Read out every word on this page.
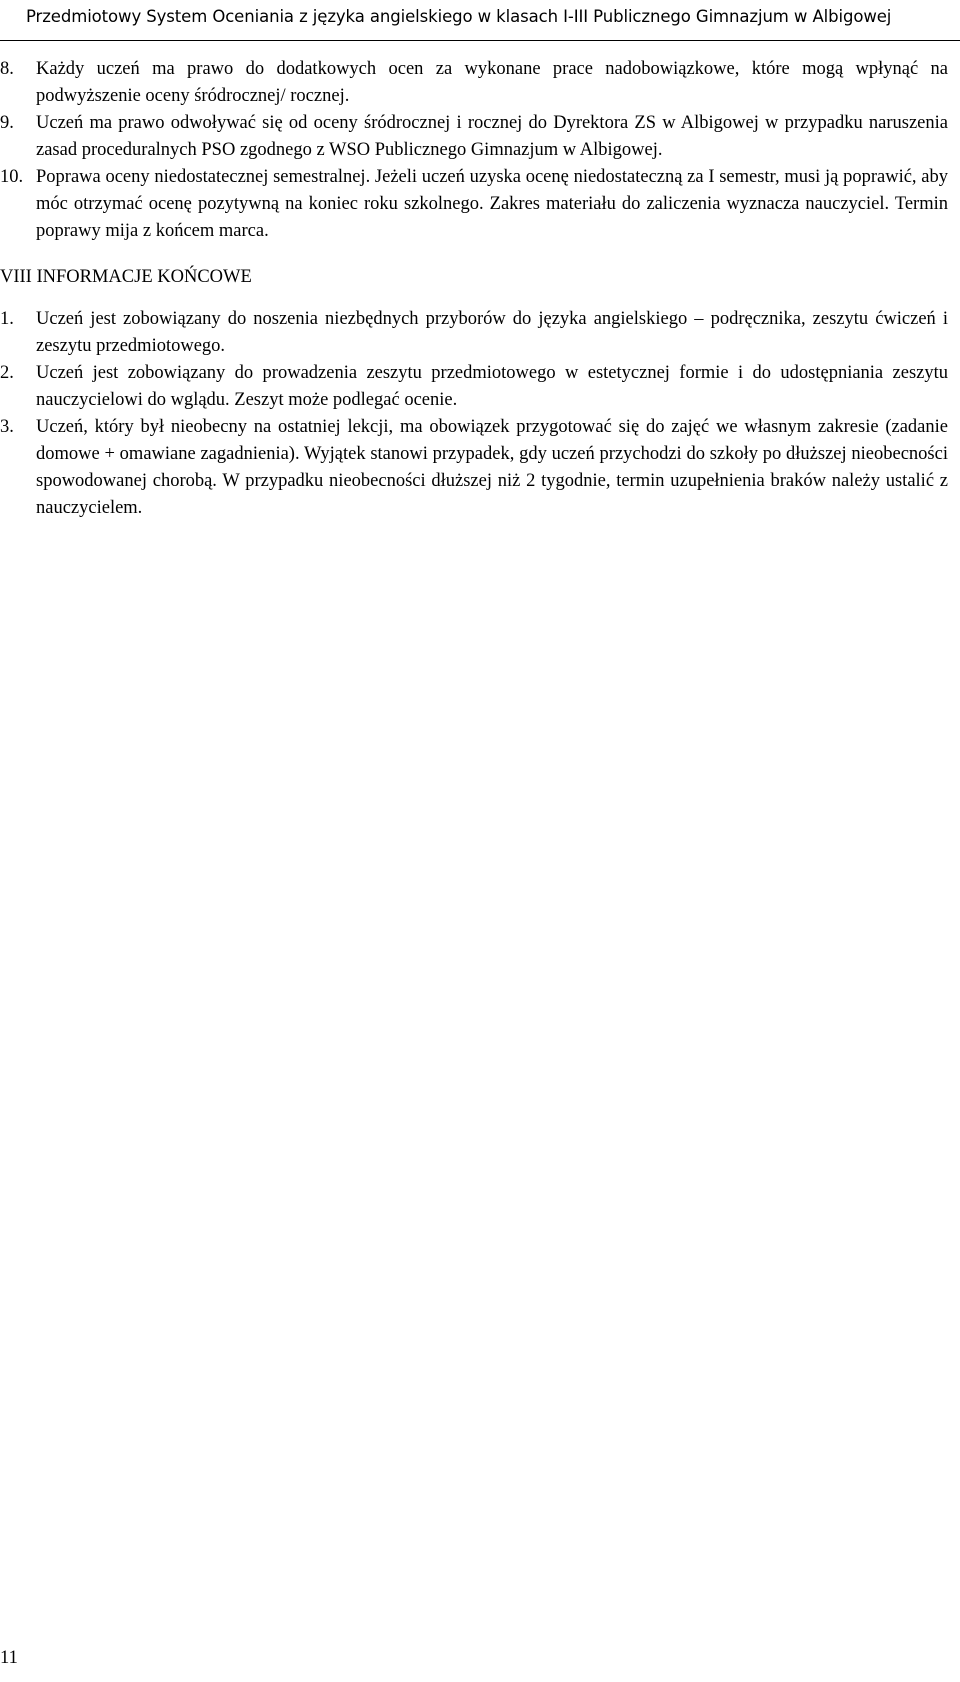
Przedmiotowy System Oceniania z języka angielskiego w klasach I-III Publicznego Gimnazjum w Albigowej

8. Każdy uczeń ma prawo do dodatkowych ocen za wykonane prace nadobowiązkowe, które mogą wpłynąć na podwyższenie oceny śródrocznej/ rocznej.

9. Uczeń ma prawo odwoływać się od oceny śródrocznej i rocznej do Dyrektora ZS w Albigowej w przypadku naruszenia zasad proceduralnych PSO zgodnego z WSO Publicznego Gimnazjum w Albigowej.

10. Poprawa oceny niedostatecznej semestralnej. Jeżeli uczeń uzyska ocenę niedostateczną za I semestr, musi ją poprawić, aby móc otrzymać ocenę pozytywną na koniec roku szkolnego. Zakres materiału do zaliczenia wyznacza nauczyciel. Termin poprawy mija z końcem marca.

VIII INFORMACJE KOŃCOWE

1. Uczeń jest zobowiązany do noszenia niezbędnych przyborów do języka angielskiego – podręcznika, zeszytu ćwiczeń i zeszytu przedmiotowego.

2. Uczeń jest zobowiązany do prowadzenia zeszytu przedmiotowego w estetycznej formie i do udostępniania zeszytu nauczycielowi do wglądu. Zeszyt może podlegać ocenie.

3. Uczeń, który był nieobecny na ostatniej lekcji, ma obowiązek przygotować się do zajęć we własnym zakresie (zadanie domowe + omawiane zagadnienia). Wyjątek stanowi przypadek, gdy uczeń przychodzi do szkoły po dłuższej nieobecności spowodowanej chorobą. W przypadku nieobecności dłuższej niż 2 tygodnie, termin uzupełnienia braków należy ustalić z nauczycielem.

11
